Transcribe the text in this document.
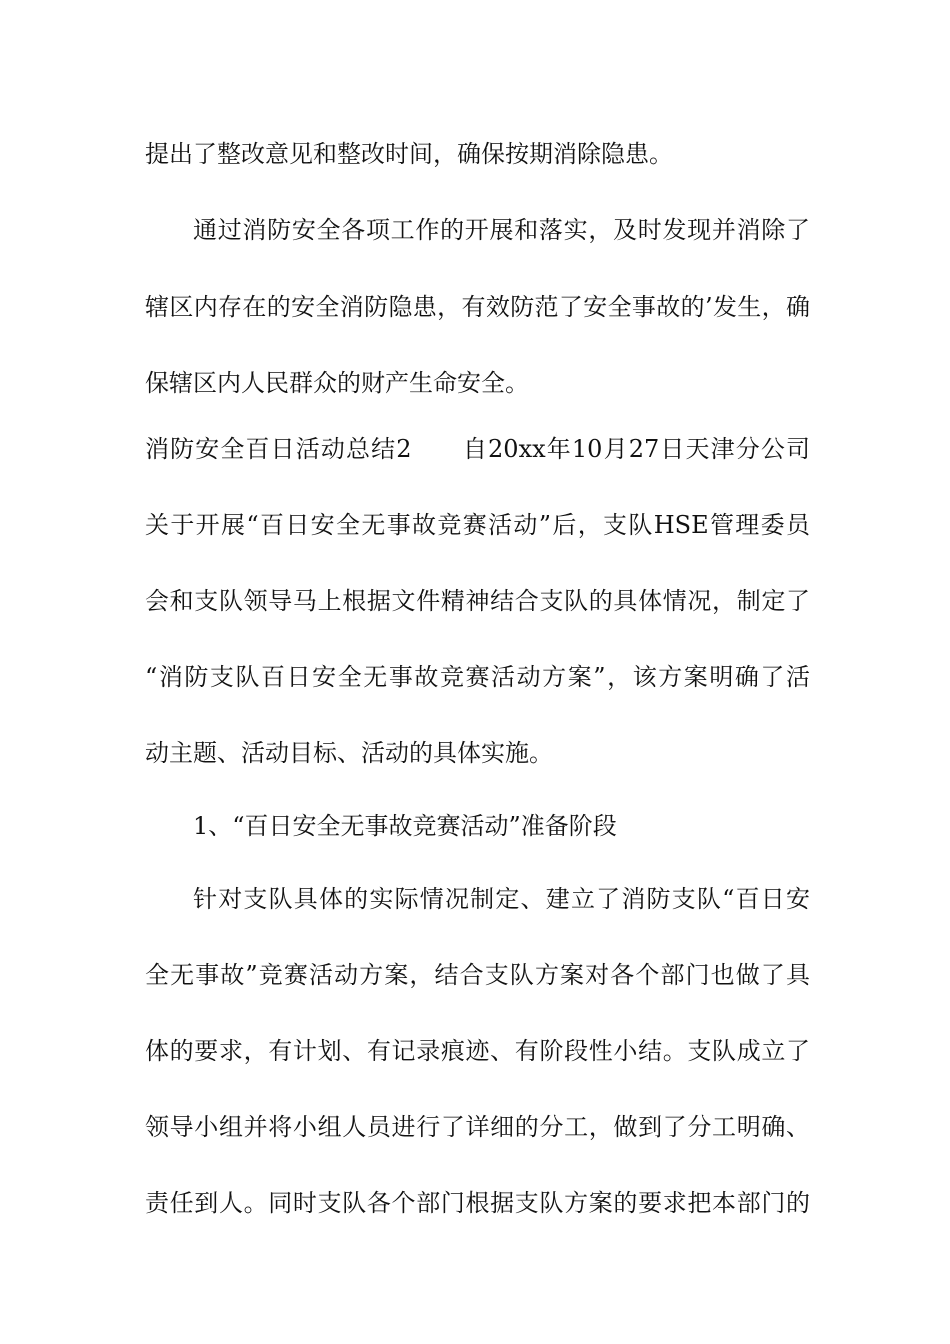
提出了整改意见和整改时间，确保按期消除隐患。
通过消防安全各项工作的开展和落实，及时发现并消除了
辖区内存在的安全消防隐患，有效防范了安全事故的’发生，确
保辖区内人民群众的财产生命安全。
消防安全百日活动总结2　　自20xx年10月27日天津分公司
关于开展“百日安全无事故竞赛活动”后，支队HSE管理委员
会和支队领导马上根据文件精神结合支队的具体情况，制定了
“消防支队百日安全无事故竞赛活动方案”，该方案明确了活
动主题、活动目标、活动的具体实施。
1、“百日安全无事故竞赛活动”准备阶段
针对支队具体的实际情况制定、建立了消防支队“百日安
全无事故”竞赛活动方案，结合支队方案对各个部门也做了具
体的要求，有计划、有记录痕迹、有阶段性小结。支队成立了
领导小组并将小组人员进行了详细的分工，做到了分工明确、
责任到人。同时支队各个部门根据支队方案的要求把本部门的
